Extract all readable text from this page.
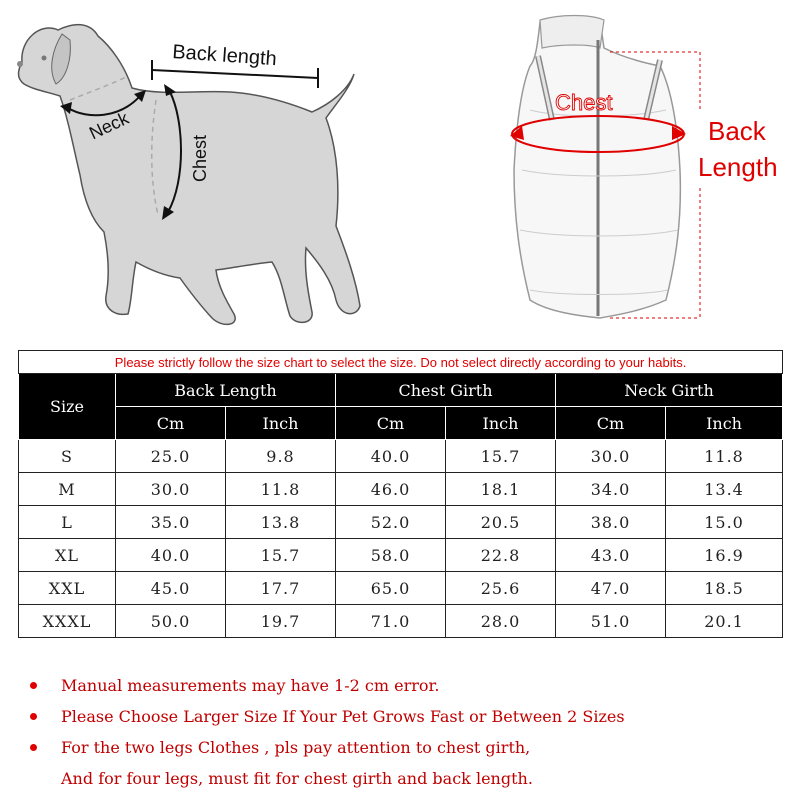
Back length
Neck
Chest
Chest
Back
Length
Please strictly follow the size chart to select the size. Do not select directly according to your habits.						
Size	Back Length		Chest Girth		Neck Girth	
	Cm	Inch	Cm	Inch	Cm	Inch
S	25.0	9.8	40.0	15.7	30.0	11.8
M	30.0	11.8	46.0	18.1	34.0	13.4
L	35.0	13.8	52.0	20.5	38.0	15.0
XL	40.0	15.7	58.0	22.8	43.0	16.9
XXL	45.0	17.7	65.0	25.6	47.0	18.5
XXXL	50.0	19.7	71.0	28.0	51.0	20.1
Manual measurements may have 1-2 cm error.
Please Choose Larger Size If Your Pet Grows Fast or Between 2 Sizes
For the two legs Clothes , pls pay attention to chest girth,
And for four legs, must fit for chest girth and back length.
